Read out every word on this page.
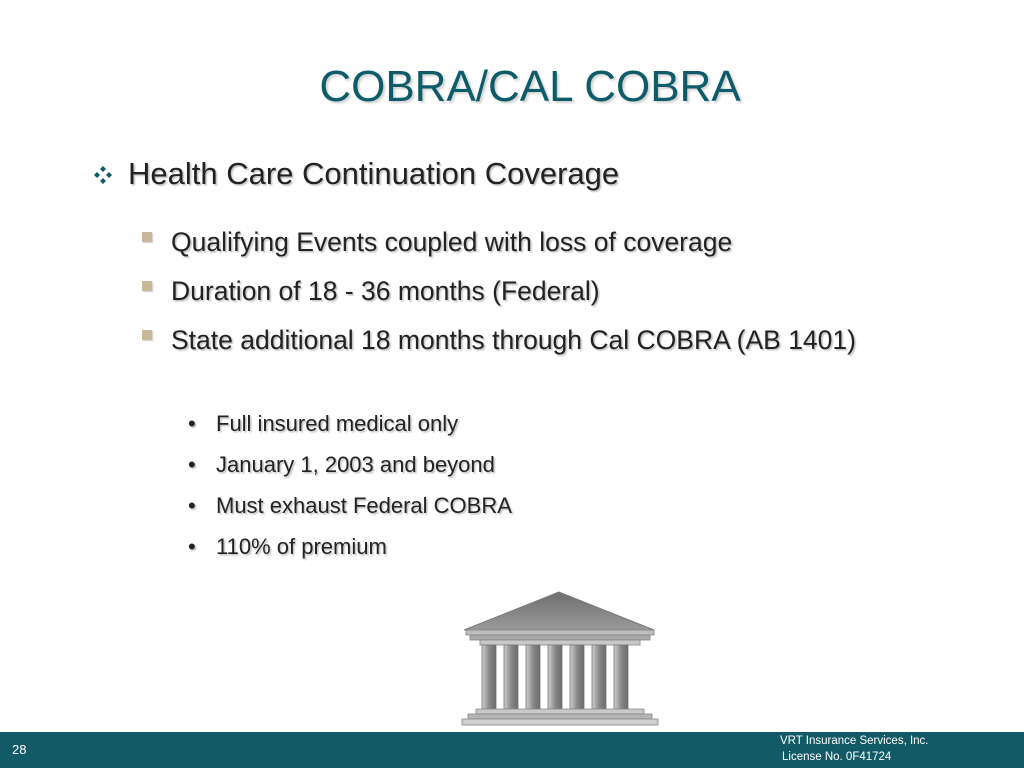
COBRA/CAL COBRA
Health Care Continuation Coverage
Qualifying Events coupled with loss of coverage
Duration of 18 - 36 months (Federal)
State additional 18 months through Cal COBRA (AB 1401)
• Full insured medical only
• January 1, 2003 and beyond
• Must exhaust Federal COBRA
• 110% of premium
28
VRT Insurance Services, Inc.
License No. 0F41724
